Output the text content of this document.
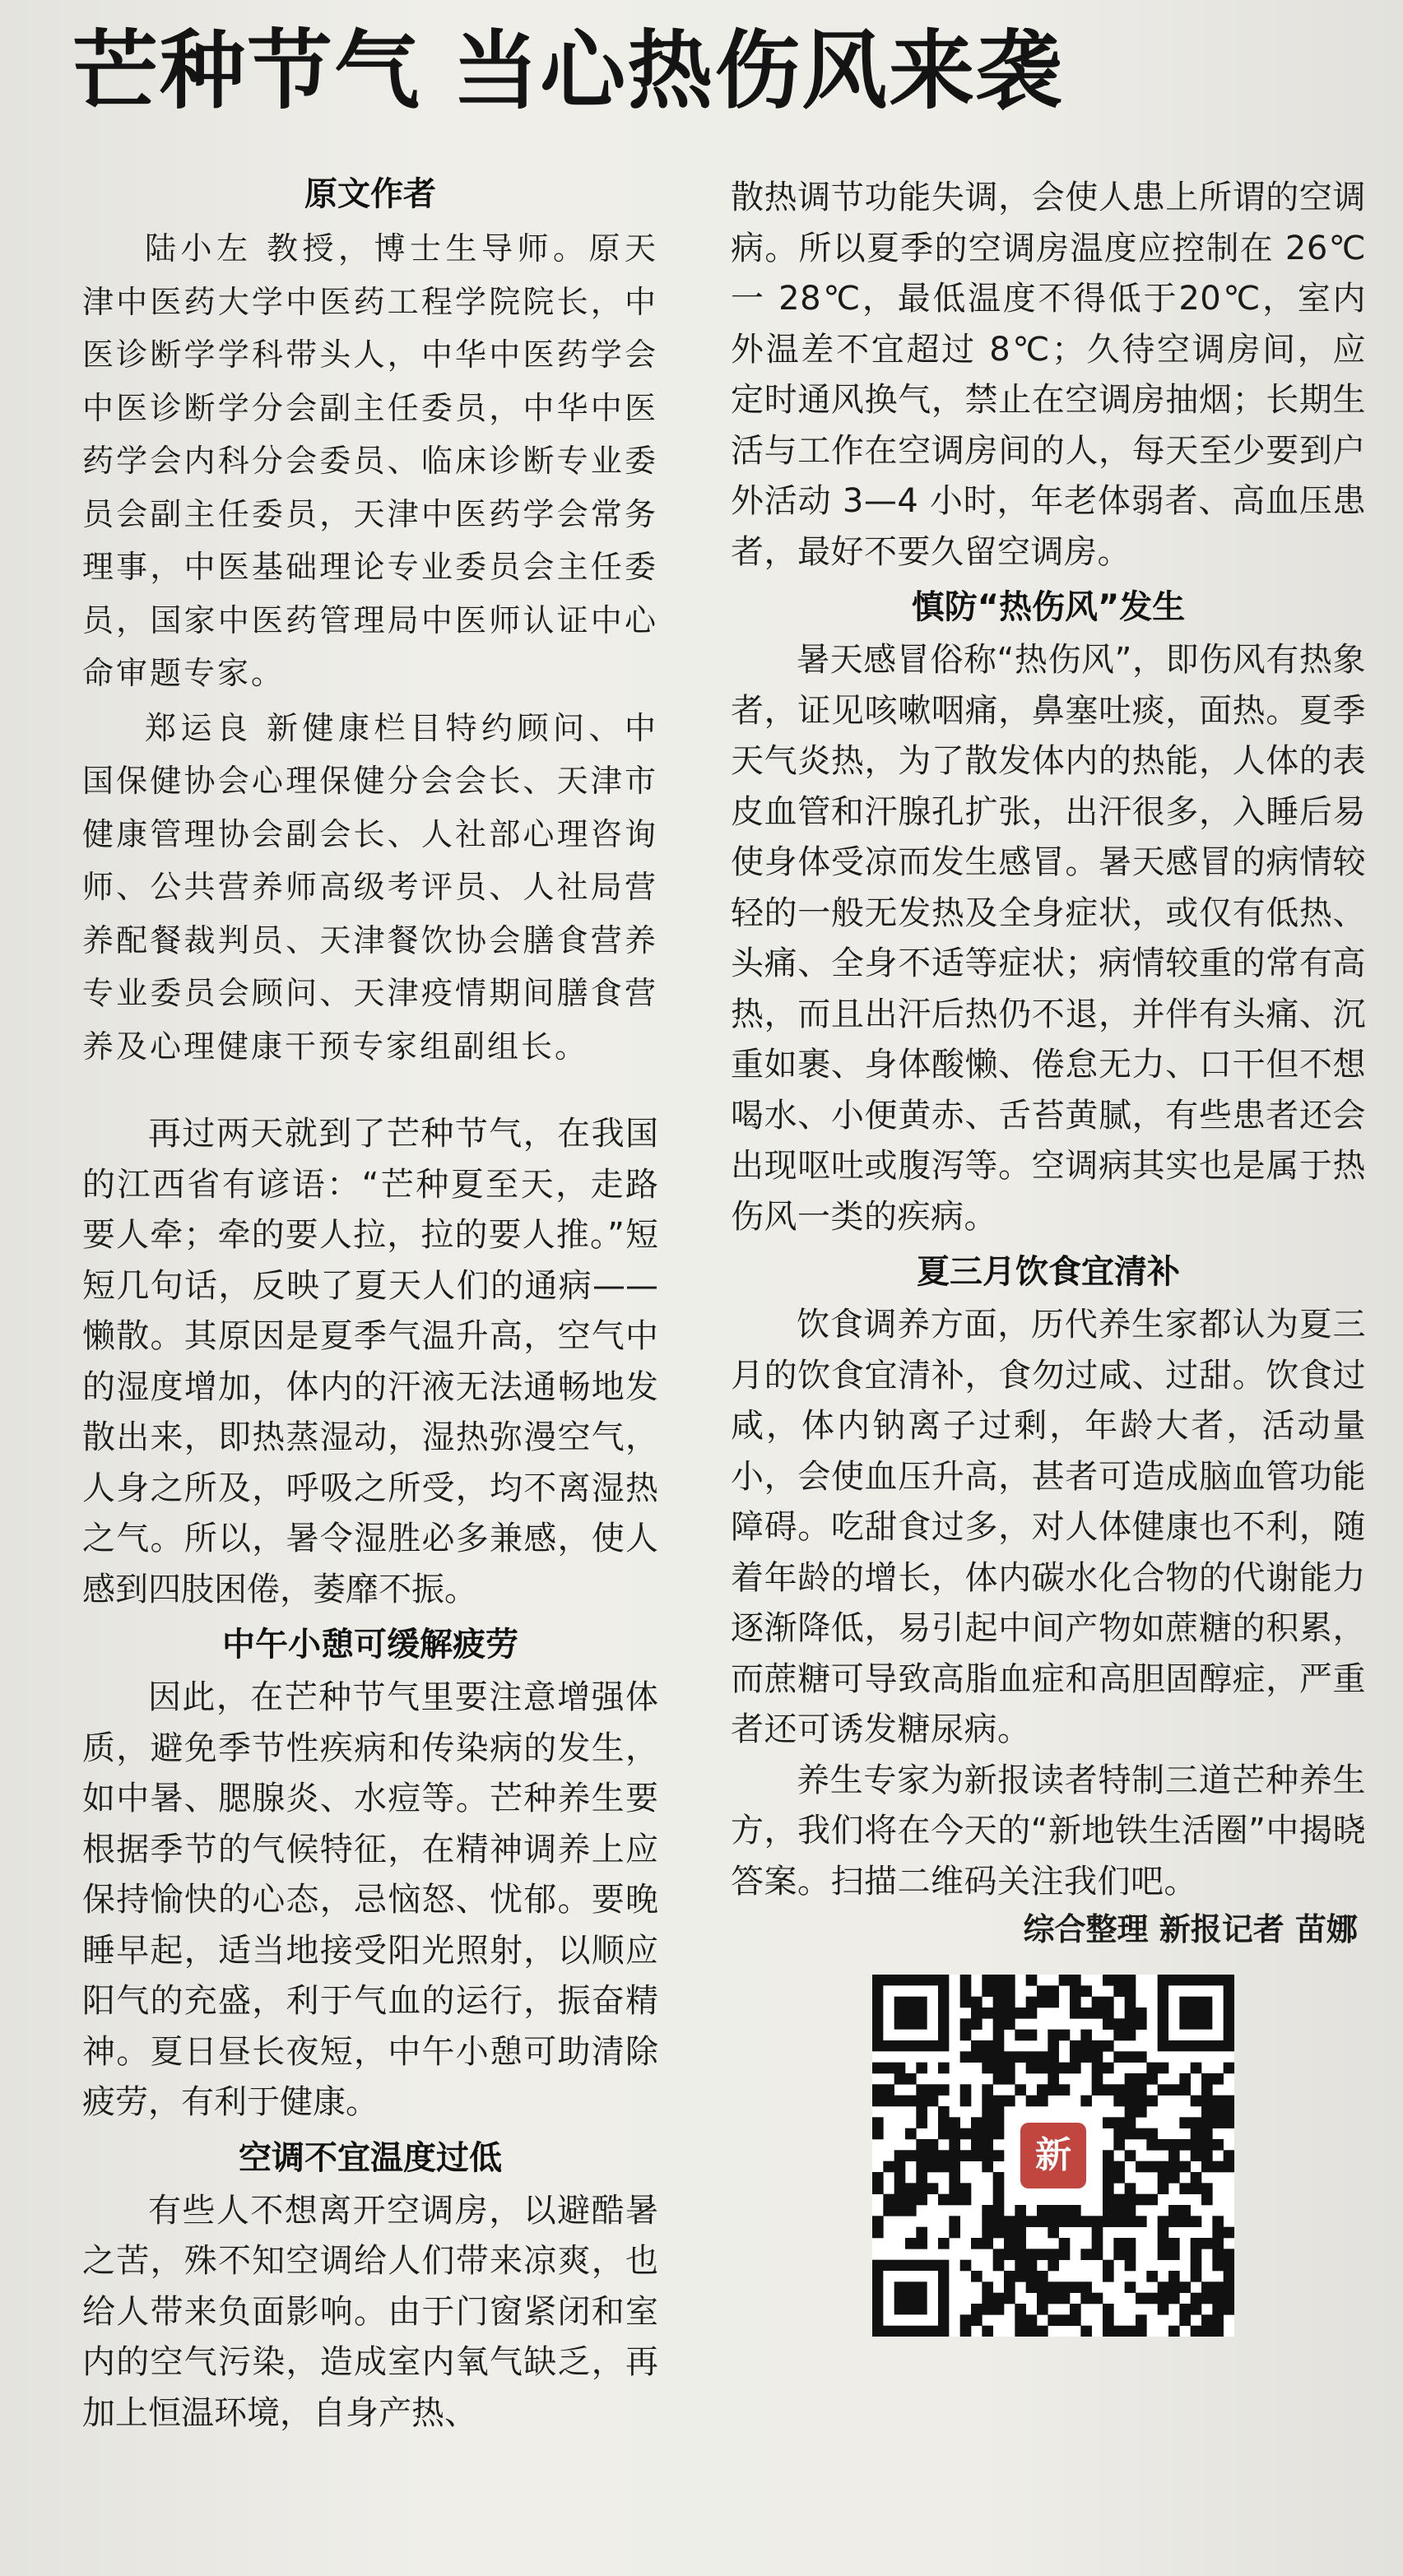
芒种节气 当心热伤风来袭
原文作者

陆小左 教授，博士生导师。原天津中医药大学中医药工程学院院长，中医诊断学学科带头人，中华中医药学会中医诊断学分会副主任委员，中华中医药学会内科分会委员、临床诊断专业委员会副主任委员，天津中医药学会常务理事，中医基础理论专业委员会主任委员，国家中医药管理局中医师认证中心命审题专家。

郑运良 新健康栏目特约顾问、中国保健协会心理保健分会会长、天津市健康管理协会副会长、人社部心理咨询师、公共营养师高级考评员、人社局营养配餐裁判员、天津餐饮协会膳食营养专业委员会顾问、天津疫情期间膳食营养及心理健康干预专家组副组长。

再过两天就到了芒种节气，在我国的江西省有谚语：“芒种夏至天，走路要人牵；牵的要人拉，拉的要人推。”短短几句话，反映了夏天人们的通病——懒散。其原因是夏季气温升高，空气中的湿度增加，体内的汗液无法通畅地发散出来，即热蒸湿动，湿热弥漫空气，人身之所及，呼吸之所受，均不离湿热之气。所以，暑令湿胜必多兼感，使人感到四肢困倦，萎靡不振。

中午小憩可缓解疲劳

因此，在芒种节气里要注意增强体质，避免季节性疾病和传染病的发生，如中暑、腮腺炎、水痘等。芒种养生要根据季节的气候特征，在精神调养上应保持愉快的心态，忌恼怒、忧郁。要晚睡早起，适当地接受阳光照射，以顺应阳气的充盛，利于气血的运行，振奋精神。夏日昼长夜短，中午小憩可助清除疲劳，有利于健康。

空调不宜温度过低

有些人不想离开空调房，以避酷暑之苦，殊不知空调给人们带来凉爽，也给人带来负面影响。由于门窗紧闭和室内的空气污染，造成室内氧气缺乏，再加上恒温环境，自身产热、

散热调节功能失调，会使人患上所谓的空调病。所以夏季的空调房温度应控制在 26℃一 28℃，最低温度不得低于20℃，室内外温差不宜超过 8℃；久待空调房间，应定时通风换气，禁止在空调房抽烟；长期生活与工作在空调房间的人，每天至少要到户外活动 3—4 小时，年老体弱者、高血压患者，最好不要久留空调房。

慎防“热伤风”发生

暑天感冒俗称“热伤风”，即伤风有热象者，证见咳嗽咽痛，鼻塞吐痰，面热。夏季天气炎热，为了散发体内的热能，人体的表皮血管和汗腺孔扩张，出汗很多，入睡后易使身体受凉而发生感冒。暑天感冒的病情较轻的一般无发热及全身症状，或仅有低热、头痛、全身不适等症状；病情较重的常有高热，而且出汗后热仍不退，并伴有头痛、沉重如裹、身体酸懒、倦怠无力、口干但不想喝水、小便黄赤、舌苔黄腻，有些患者还会出现呕吐或腹泻等。空调病其实也是属于热伤风一类的疾病。

夏三月饮食宜清补

饮食调养方面，历代养生家都认为夏三月的饮食宜清补，食勿过咸、过甜。饮食过咸，体内钠离子过剩，年龄大者，活动量小，会使血压升高，甚者可造成脑血管功能障碍。吃甜食过多，对人体健康也不利，随着年龄的增长，体内碳水化合物的代谢能力逐渐降低，易引起中间产物如蔗糖的积累，而蔗糖可导致高脂血症和高胆固醇症，严重者还可诱发糖尿病。

养生专家为新报读者特制三道芒种养生方，我们将在今天的“新地铁生活圈”中揭晓答案。扫描二维码关注我们吧。

综合整理 新报记者 苗娜

新
